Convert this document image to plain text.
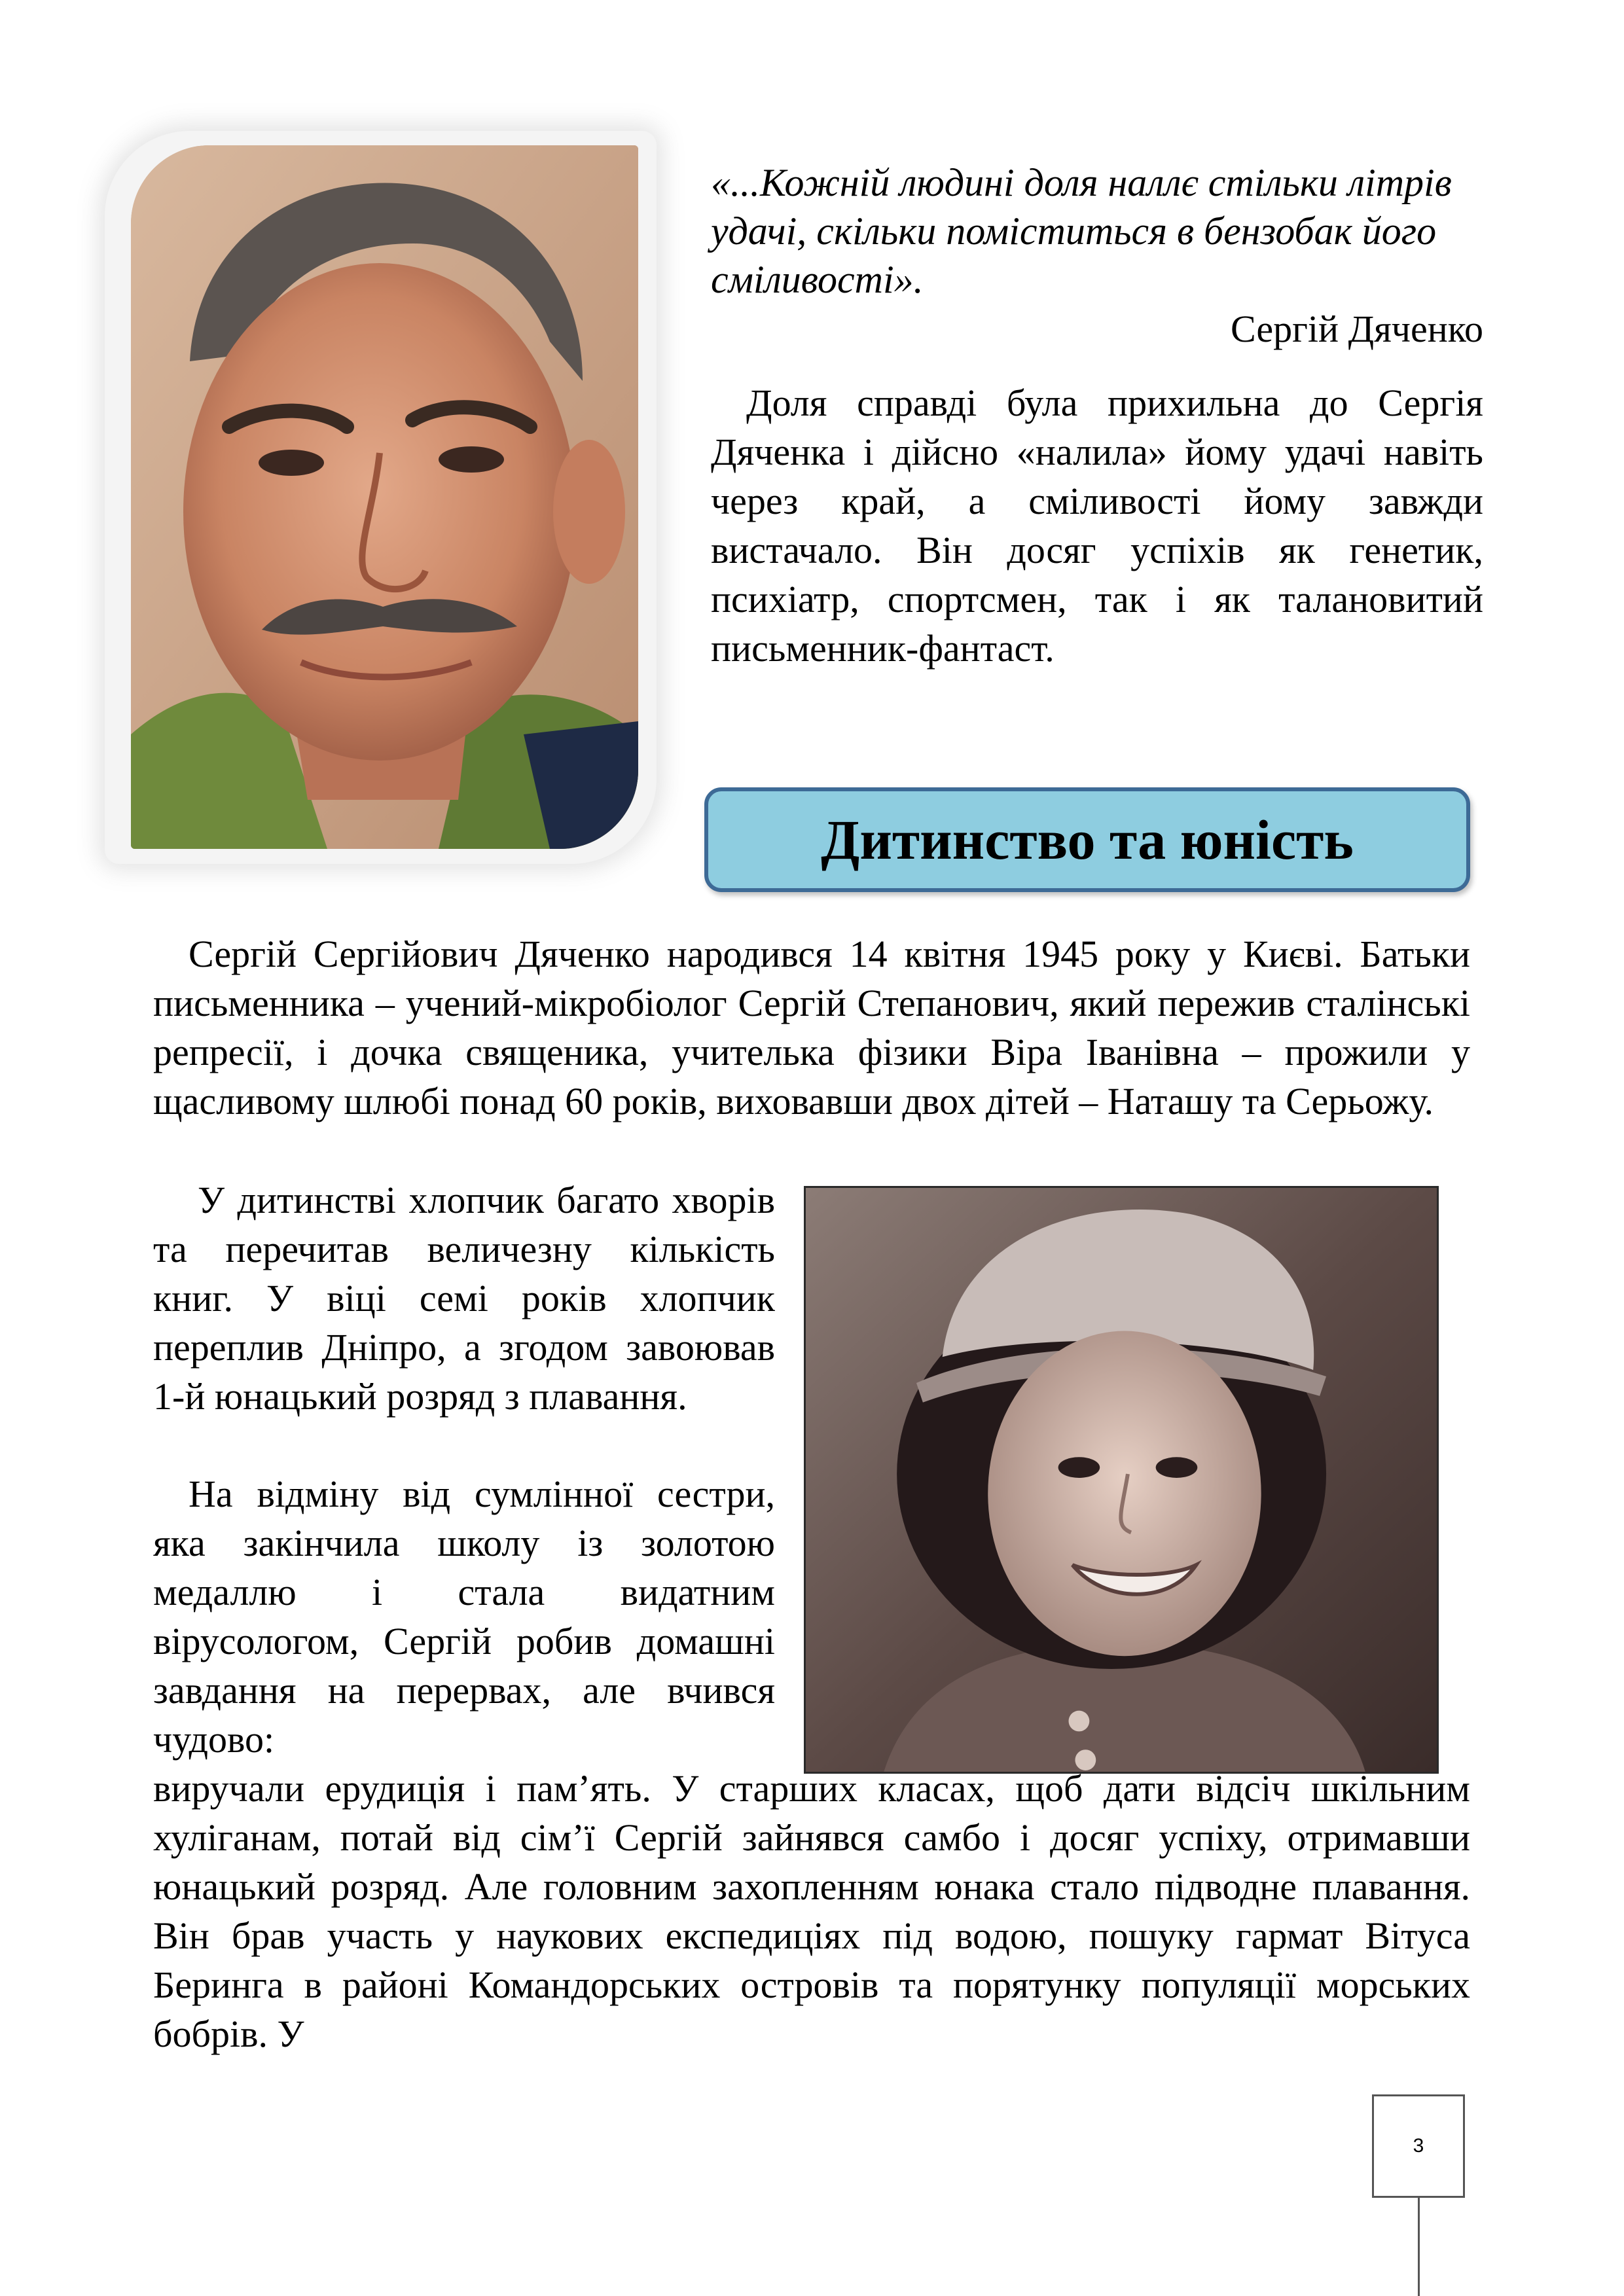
«...Кожній людині доля наллє стільки літрів удачі, скільки поміститься в бензобак його сміливості».

Сергій Дяченко

Доля справді була прихильна до Сергія Дяченка і дійсно «налила» йому удачі навіть через край, а сміливості йому завжди вистачало. Він досяг успіхів як генетик, психіатр, спортсмен, так і як талановитий письменник-фантаст.

Дитинство та юність

Сергій Сергійович Дяченко народився 14 квітня 1945 року у Києві. Батьки письменника – учений-мікробіолог Сергій Степанович, який пережив сталінські репресії, і дочка священика, учителька фізики Віра Іванівна – прожили у щасливому шлюбі понад 60 років, виховавши двох дітей – Наташу та Серьожу.

У дитинстві хлопчик багато хворів та перечитав величезну кількість книг. У віці семі років хлопчик переплив Дніпро, а згодом завоював 1-й юнацький розряд з плавання.

На відміну від сумлінної сестри, яка закінчила школу із золотою медаллю і стала видатним вірусологом, Сергій робив домашні завдання на перервах, але вчився чудово:

виручали ерудиція і пам’ять. У старших класах, щоб дати відсіч шкільним хуліганам, потай від сім’ї Сергій зайнявся самбо і досяг успіху, отримавши юнацький розряд. Але головним захопленням юнака стало підводне плавання. Він брав участь у наукових експедиціях під водою, пошуку гармат Вітуса Беринга в районі Командорських островів та порятунку популяції морських бобрів. У

3
